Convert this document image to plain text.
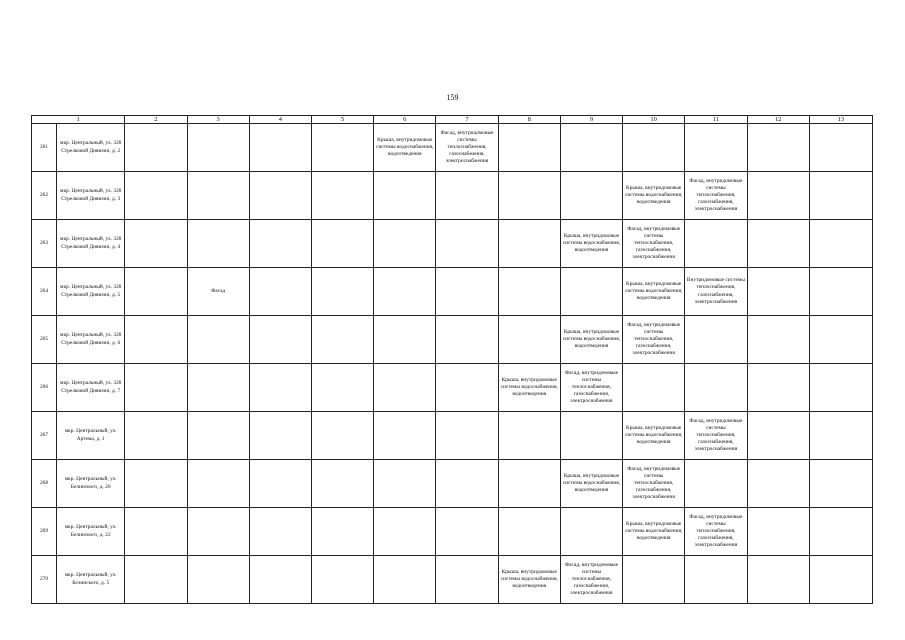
159
1		2	3	4	5	6	7	8	9	10	11	12	13
261	мкр. Центральный, ул. 328 Стрелковой Дивизии, д. 2					Крыша, внутридомовые системы водоснабжения, водоотведения	Фасад, внутридомовые системы теплоснабжения, газоснабжения, электроснабжения						
262	мкр. Центральный, ул. 328 Стрелковой Дивизии, д. 3									Крыша, внутридомовые системы водоснабжения, водоотведения	Фасад, внутридомовые системы теплоснабжения, газоснабжения, электроснабжения		
263	мкр. Центральный, ул. 328 Стрелковой Дивизии, д. 4								Крыша, внутридомовые системы водоснабжения, водоотведения	Фасад, внутридомовые системы теплоснабжения, газоснабжения, электроснабжения			
264	мкр. Центральный, ул. 328 Стрелковой Дивизии, д. 5		Фасад							Крыша, внутридомовые системы водоснабжения, водоотведения	Внутридомовые системы теплоснабжения, газоснабжения, электроснабжения		
265	мкр. Центральный, ул. 328 Стрелковой Дивизии, д. 6								Крыша, внутридомовые системы водоснабжения, водоотведения	Фасад, внутридомовые системы теплоснабжения, газоснабжения, электроснабжения			
266	мкр. Центральный, ул. 328 Стрелковой Дивизии, д. 7							Крыша, внутридомовые системы водоснабжения, водоотведения	Фасад, внутридомовые системы теплоснабжения, газоснабжения, электроснабжения				
267	мкр. Центральный, ул. Артема, д. 1									Крыша, внутридомовые системы водоснабжения, водоотведения	Фасад, внутридомовые системы теплоснабжения, газоснабжения, электроснабжения		
268	мкр. Центральный, ул. Белинского, д. 20								Крыша, внутридомовые системы водоснабжения, водоотведения	Фасад, внутридомовые системы теплоснабжения, газоснабжения, электроснабжения			
269	мкр. Центральный, ул. Белинского, д. 22									Крыша, внутридомовые системы водоснабжения, водоотведения	Фасад, внутридомовые системы теплоснабжения, газоснабжения, электроснабжения		
270	мкр. Центральный, ул. Белинского, д. 5							Крыша, внутридомовые системы водоснабжения, водоотведения	Фасад, внутридомовые системы теплоснабжения, газоснабжения, электроснабжения				
